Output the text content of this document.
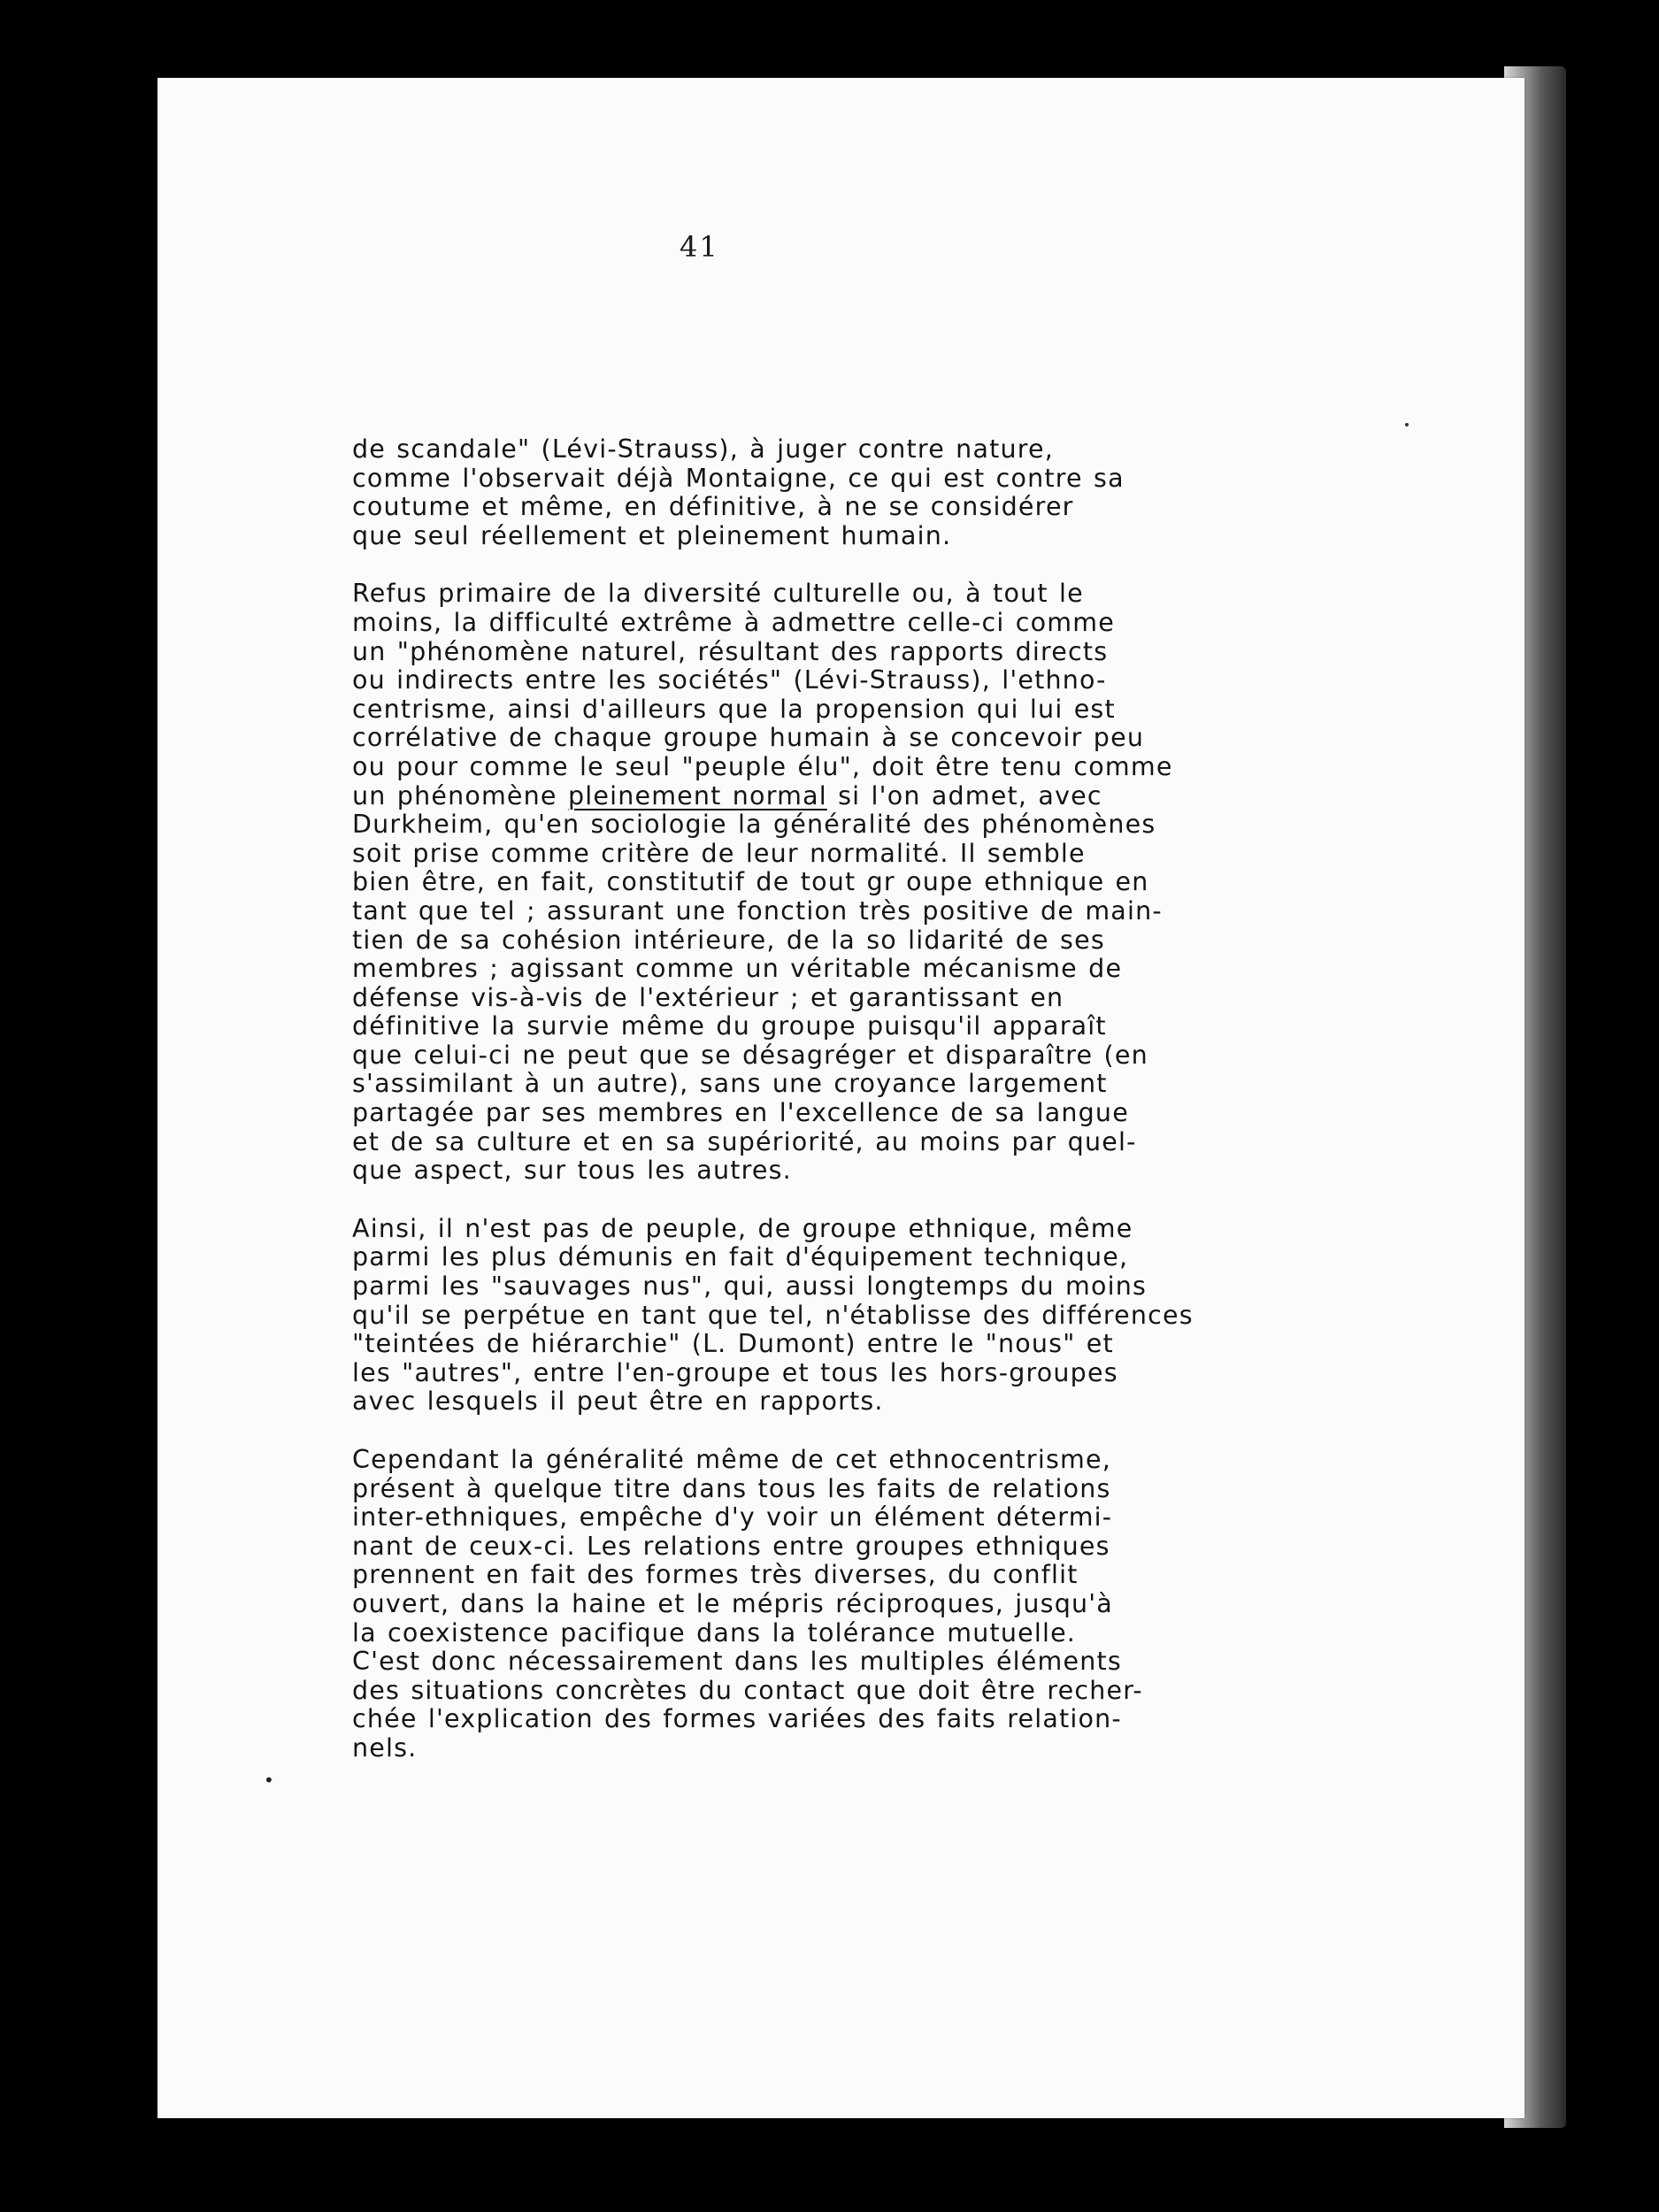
41

de scandale" (Lévi-Strauss), à juger contre nature,
comme l'observait déjà Montaigne, ce qui est contre sa
coutume et même, en définitive, à ne se considérer
que seul réellement et pleinement humain.

Refus primaire de la diversité culturelle ou, à tout le
moins, la difficulté extrême à admettre celle-ci comme
un "phénomène naturel, résultant des rapports directs
ou indirects entre les sociétés" (Lévi-Strauss), l'ethno-
centrisme, ainsi d'ailleurs que la propension qui lui est
corrélative de chaque groupe humain à se concevoir peu
ou pour comme le seul "peuple élu", doit être tenu comme
un phénomène pleinement normal si l'on admet, avec
Durkheim, qu'en sociologie la généralité des phénomènes
soit prise comme critère de leur normalité. Il semble
bien être, en fait, constitutif de tout gr oupe ethnique en
tant que tel ; assurant une fonction très positive de main-
tien de sa cohésion intérieure, de la so lidarité de ses
membres ; agissant comme un véritable mécanisme de
défense vis-à-vis de l'extérieur ; et garantissant en
définitive la survie même du groupe puisqu'il apparaît
que celui-ci ne peut que se désagréger et disparaître (en
s'assimilant à un autre), sans une croyance largement
partagée par ses membres en l'excellence de sa langue
et de sa culture et en sa supériorité, au moins par quel-
que aspect, sur tous les autres.

Ainsi, il n'est pas de peuple, de groupe ethnique, même
parmi les plus démunis en fait d'équipement technique,
parmi les "sauvages nus", qui, aussi longtemps du moins
qu'il se perpétue en tant que tel, n'établisse des différences
"teintées de hiérarchie" (L. Dumont) entre le "nous" et
les "autres", entre l'en-groupe et tous les hors-groupes
avec lesquels il peut être en rapports.

Cependant la généralité même de cet ethnocentrisme,
présent à quelque titre dans tous les faits de relations
inter-ethniques, empêche d'y voir un élément détermi-
nant de ceux-ci. Les relations entre groupes ethniques
prennent en fait des formes très diverses, du conflit
ouvert, dans la haine et le mépris réciproques, jusqu'à
la coexistence pacifique dans la tolérance mutuelle.
C'est donc nécessairement dans les multiples éléments
des situations concrètes du contact que doit être recher-
chée l'explication des formes variées des faits relation-
nels.

•
